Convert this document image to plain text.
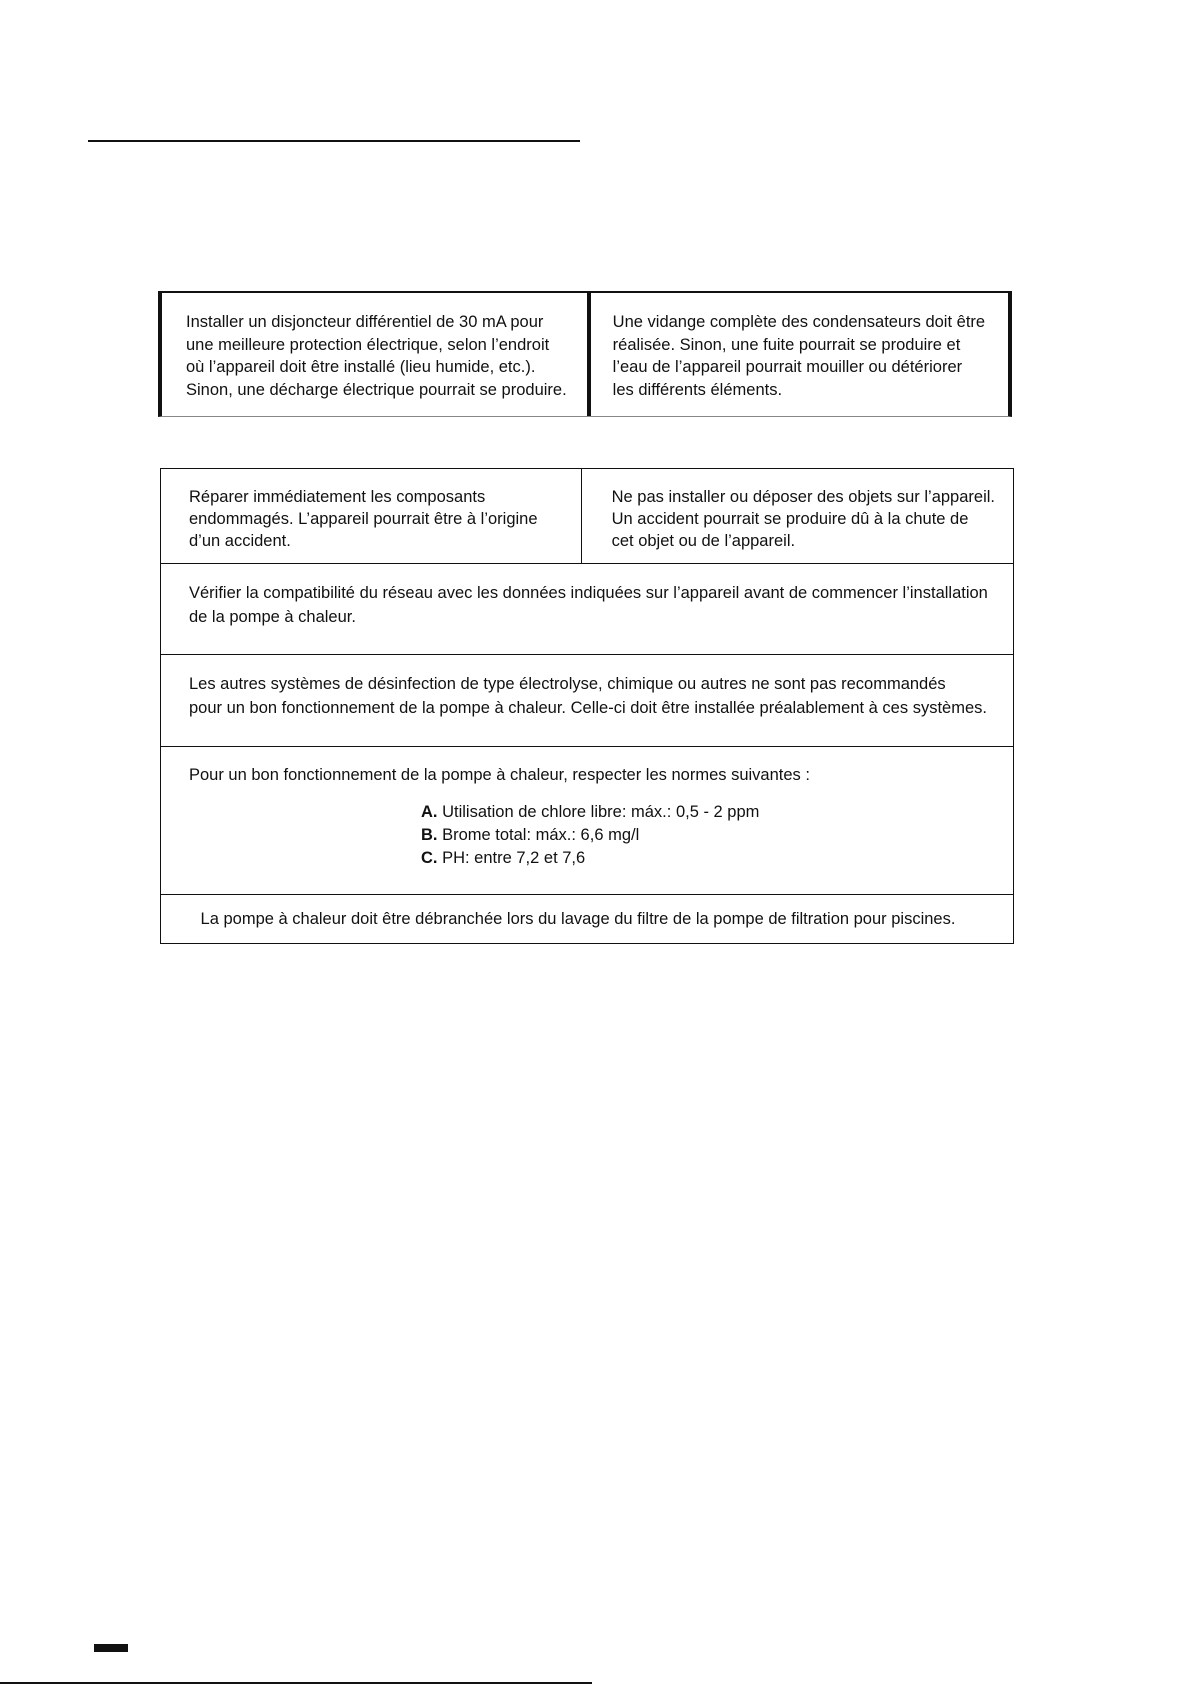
Installer un disjoncteur différentiel de 30 mA pour
une meilleure protection électrique, selon l’endroit
où l’appareil doit être installé (lieu humide, etc.).
Sinon, une décharge électrique pourrait se produire.
Une vidange complète des condensateurs doit être
réalisée. Sinon, une fuite pourrait se produire et
l’eau de l’appareil pourrait mouiller ou détériorer
les différents éléments.
Réparer immédiatement les composants
endommagés. L’appareil pourrait être à l’origine
d’un accident.
Ne pas installer ou déposer des objets sur l’appareil.
Un accident pourrait se produire dû à la chute de
cet objet ou de l’appareil.
Vérifier la compatibilité du réseau avec les données indiquées sur l’appareil avant de commencer l’installation
de la pompe à chaleur.
Les autres systèmes de désinfection de type électrolyse, chimique ou autres ne sont pas recommandés
pour un bon fonctionnement de la pompe à chaleur. Celle-ci doit être installée préalablement à ces systèmes.
Pour un bon fonctionnement de la pompe à chaleur, respecter les normes suivantes :
A. Utilisation de chlore libre: máx.: 0,5 - 2 ppm
B. Brome total: máx.: 6,6 mg/l
C. PH: entre 7,2 et 7,6
La pompe à chaleur doit être débranchée lors du lavage du filtre de la pompe de filtration pour piscines.
